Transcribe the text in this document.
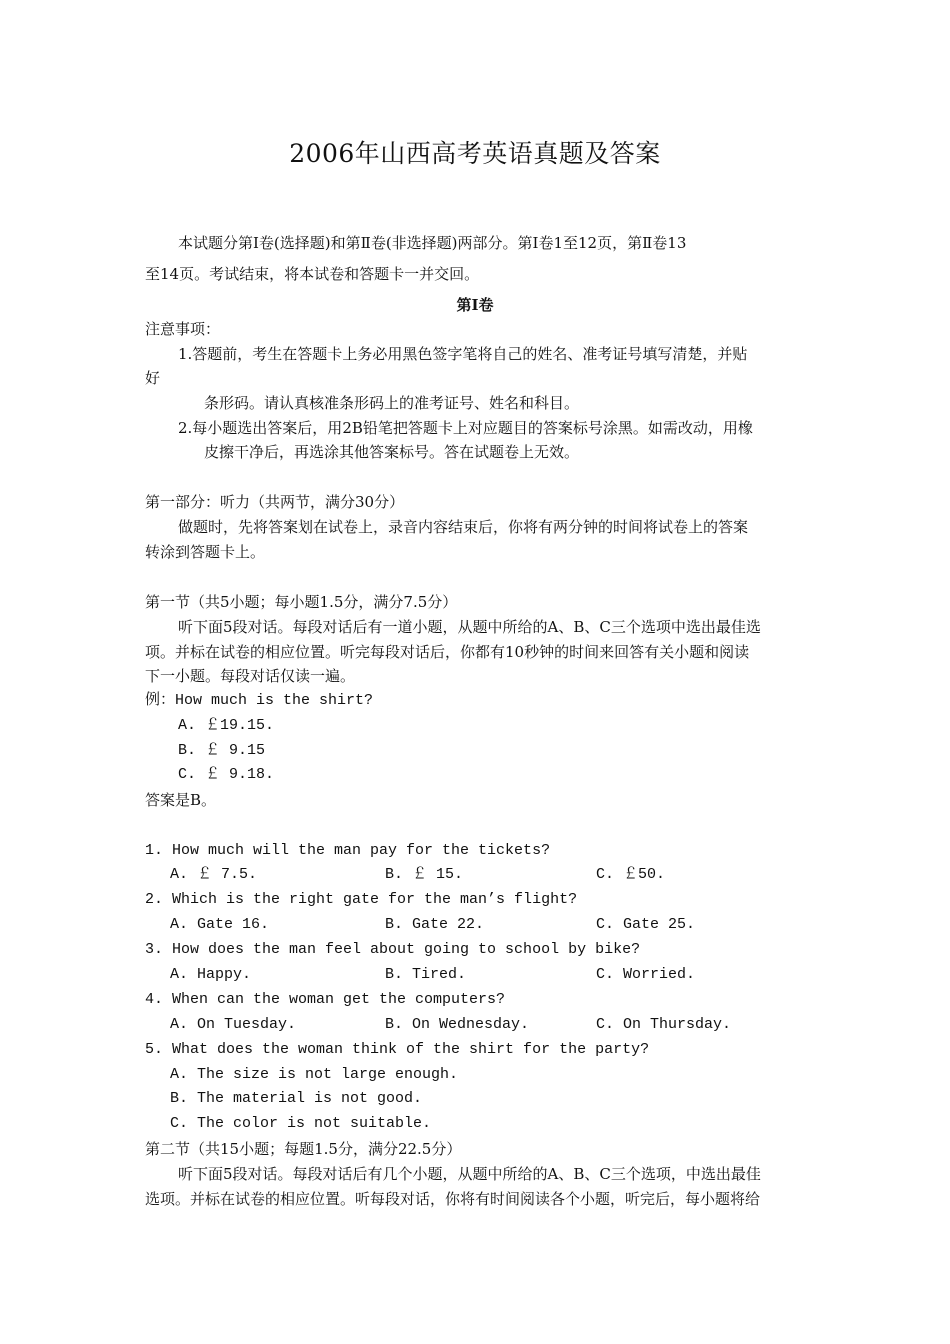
2006年山西高考英语真题及答案
本试题分第Ⅰ卷(选择题)和第Ⅱ卷(非选择题)两部分。第Ⅰ卷1至12页，第Ⅱ卷13
至14页。考试结束，将本试卷和答题卡一并交回。
第Ⅰ卷
注意事项：
1.答题前，考生在答题卡上务必用黑色签字笔将自己的姓名、准考证号填写清楚，并贴
好
条形码。请认真核准条形码上的准考证号、姓名和科目。
2.每小题选出答案后，用2B铅笔把答题卡上对应题目的答案标号涂黑。如需改动，用橡
皮擦干净后，再选涂其他答案标号。答在试题卷上无效。
第一部分：听力（共两节，满分30分）
做题时，先将答案划在试卷上，录音内容结束后，你将有两分钟的时间将试卷上的答案
转涂到答题卡上。
第一节（共5小题；每小题1.5分，满分7.5分）
听下面5段对话。每段对话后有一道小题，从题中所给的A、B、C三个选项中选出最佳选
项。并标在试卷的相应位置。听完每段对话后，你都有10秒钟的时间来回答有关小题和阅读
下一小题。每段对话仅读一遍。
例：How much is the shirt?
A. ￡19.15.
B. ￡ 9.15
C. ￡ 9.18.
答案是B。
1. How much will the man pay for the tickets?
A. ￡ 7.5.	B. ￡ 15.	C. ￡50.
2. Which is the right gate for the man’s flight?
A. Gate 16.	B. Gate 22.	C. Gate 25.
3. How does the man feel about going to school by bike?
A. Happy.	B. Tired.	C. Worried.
4. When can the woman get the computers?
A. On Tuesday.	B. On Wednesday.	C. On Thursday.
5. What does the woman think of the shirt for the party?
A. The size is not large enough.
B. The material is not good.
C. The color is not suitable.
第二节（共15小题；每题1.5分，满分22.5分）
听下面5段对话。每段对话后有几个小题，从题中所给的A、B、C三个选项，中选出最佳
选项。并标在试卷的相应位置。听每段对话，你将有时间阅读各个小题，听完后，每小题将给
